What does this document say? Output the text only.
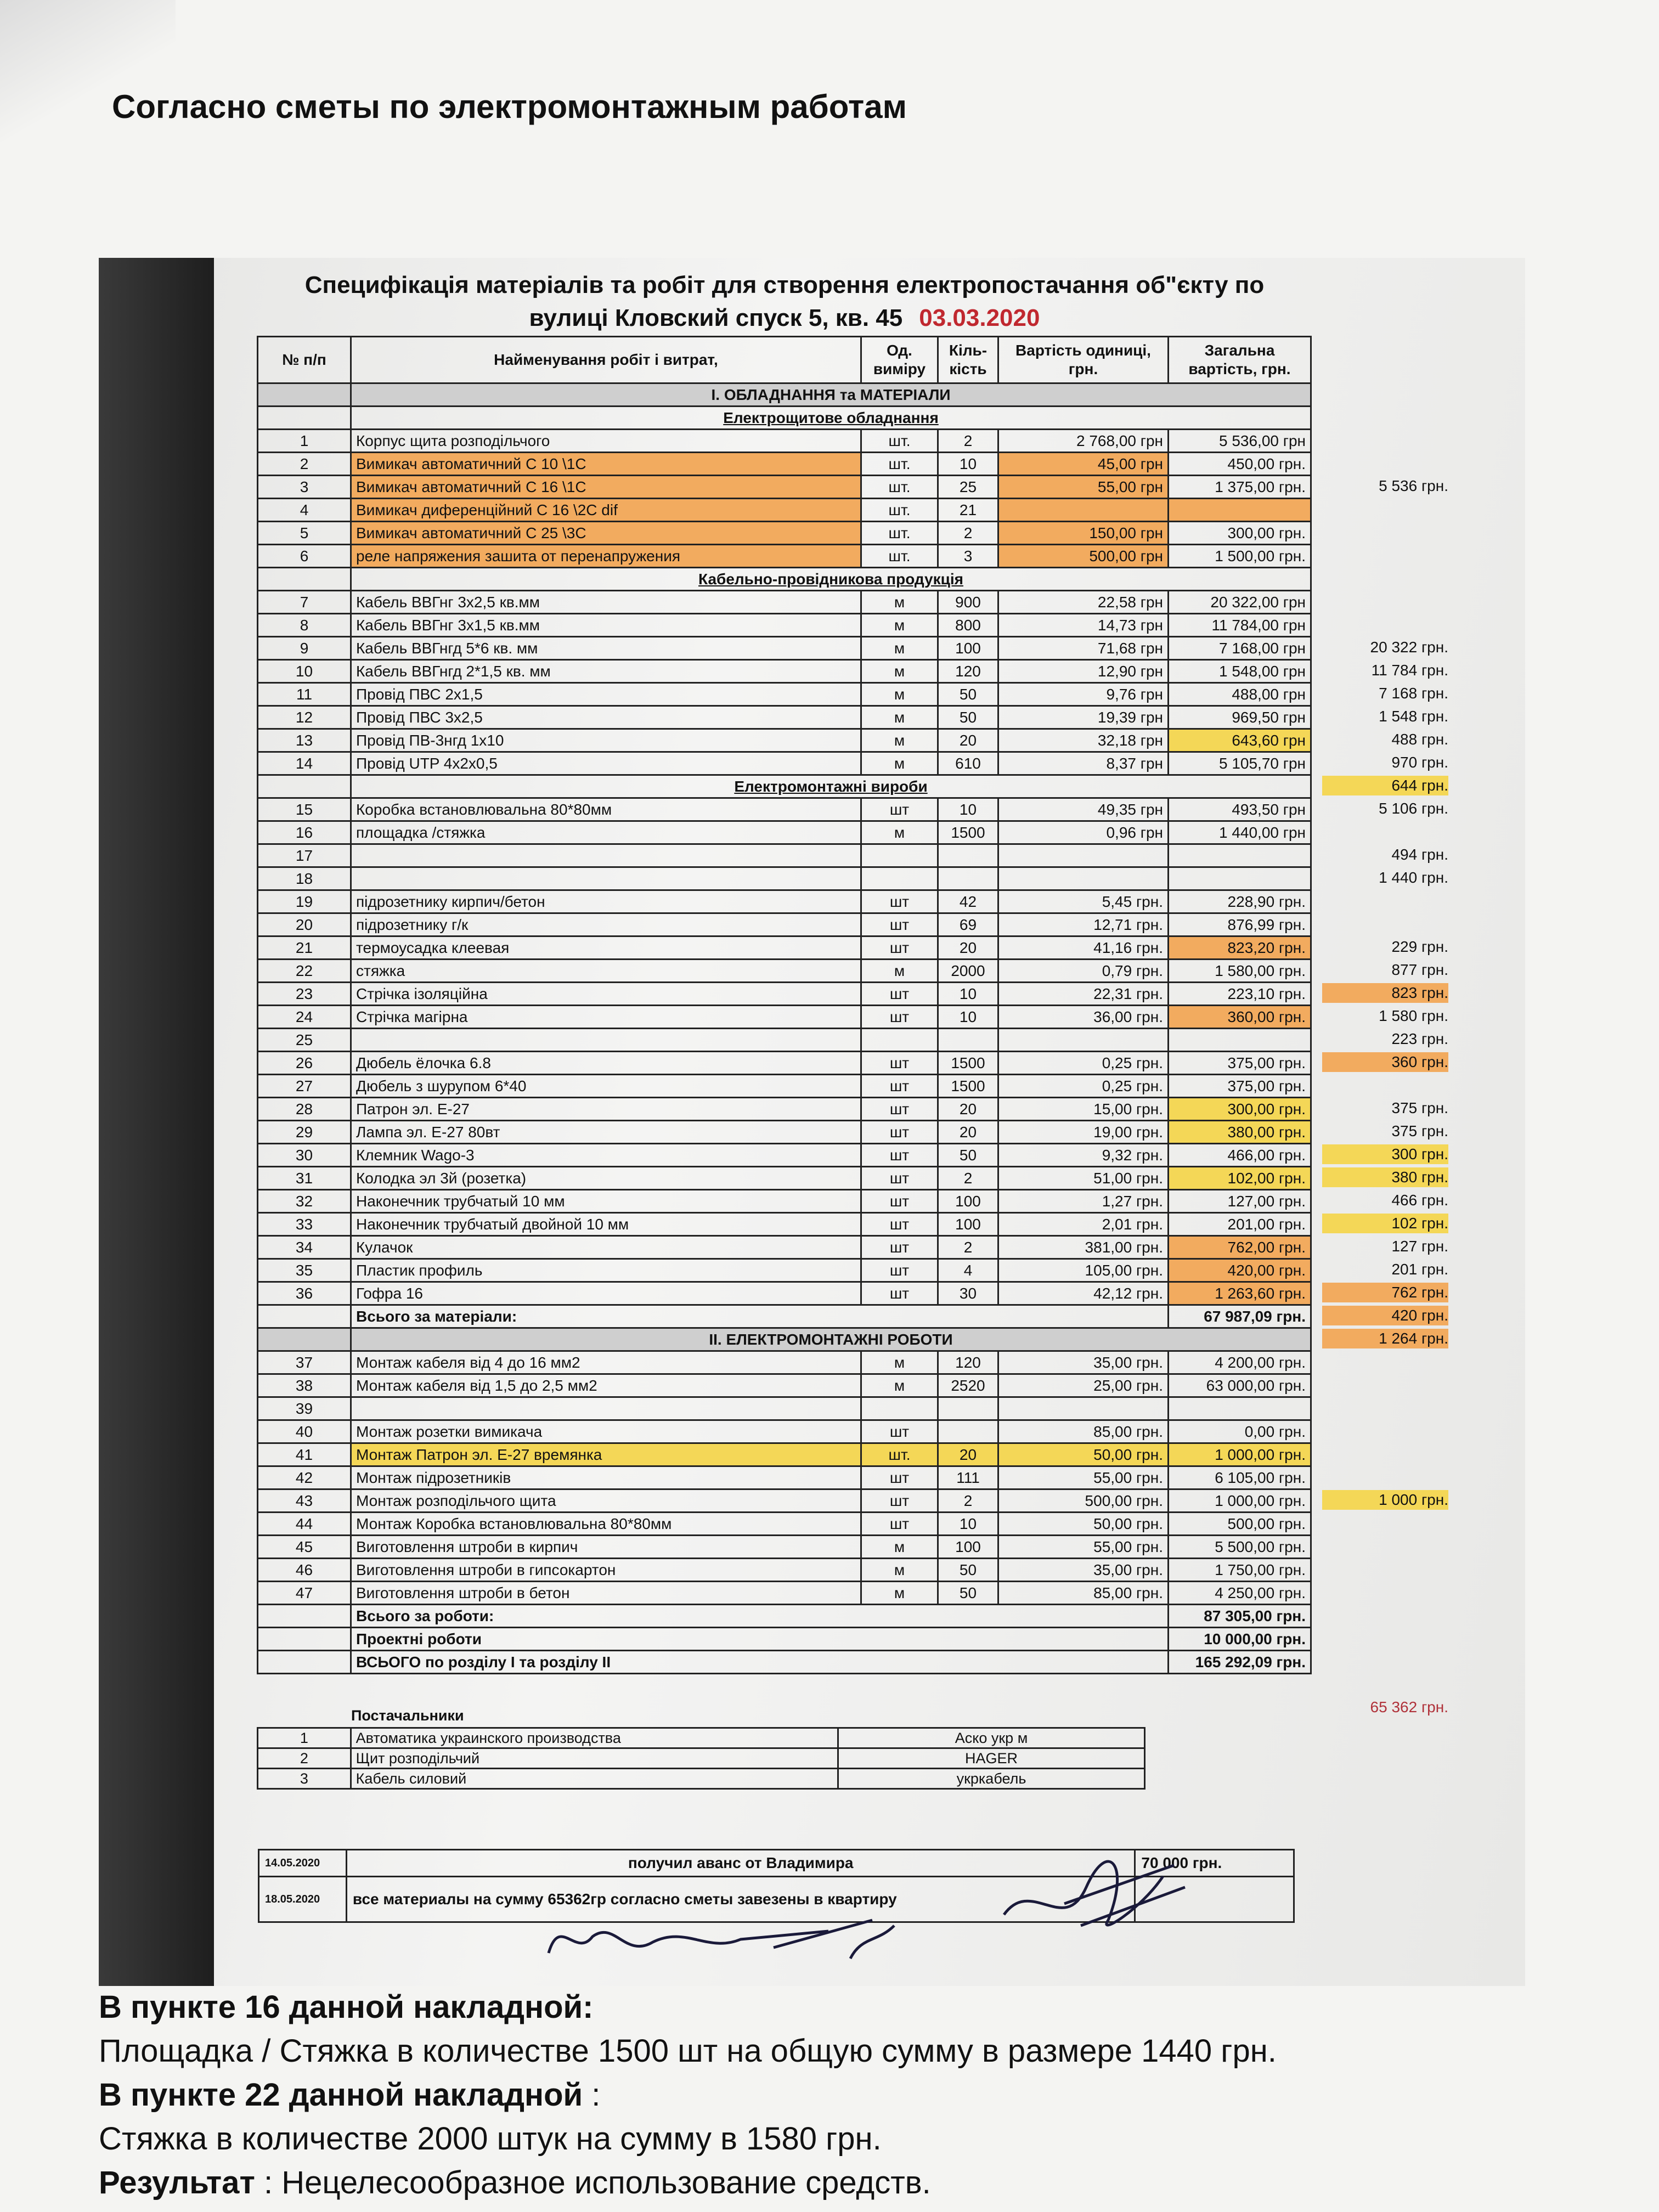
Согласно сметы по электромонтажным работам
Специфікація матеріалів та робіт для створення електропостачання об"єкту по
вулиці Кловский спуск 5, кв. 45 03.03.2020
№ п/п	Найменування робіт і витрат,	Од. виміру	Кіль-кість	Вартість одиниці, грн.	Загальна вартість, грн.
	І. ОБЛАДНАННЯ та МАТЕРІАЛИ				
	Електрощитове обладнання				
1	Корпус щита розподільчого	шт.	2	2 768,00 грн	5 536,00 грн
2	Вимикач автоматичний С 10 \1С	шт.	10	45,00 грн	450,00 грн.
3	Вимикач автоматичний С 16 \1С	шт.	25	55,00 грн	1 375,00 грн.
4	Вимикач диференційний С 16 \2С dif	шт.	21		
5	Вимикач автоматичний С 25 \3С	шт.	2	150,00 грн	300,00 грн.
6	реле напряжения зашита от перенапружения	шт.	3	500,00 грн	1 500,00 грн.
	Кабельно-провідникова продукція				
7	Кабель ВВГнг 3х2,5 кв.мм	м	900	22,58 грн	20 322,00 грн
8	Кабель ВВГнг 3х1,5 кв.мм	м	800	14,73 грн	11 784,00 грн
9	Кабель ВВГнгд 5*6 кв. мм	м	100	71,68 грн	7 168,00 грн
10	Кабель ВВГнгд 2*1,5 кв. мм	м	120	12,90 грн	1 548,00 грн
11	Провід ПВС 2х1,5	м	50	9,76 грн	488,00 грн
12	Провід ПВС 3х2,5	м	50	19,39 грн	969,50 грн
13	Провід ПВ-3нгд 1х10	м	20	32,18 грн	643,60 грн
14	Провід UTP 4х2х0,5	м	610	8,37 грн	5 105,70 грн
	Електромонтажні вироби				
15	Коробка встановлювальна 80*80мм	шт	10	49,35 грн	493,50 грн
16	площадка /стяжка	м	1500	0,96 грн	1 440,00 грн
17					
18					
19	підрозетнику кирпич/бетон	шт	42	5,45 грн.	228,90 грн.
20	підрозетнику г/к	шт	69	12,71 грн.	876,99 грн.
21	термоусадка клеевая	шт	20	41,16 грн.	823,20 грн.
22	стяжка	м	2000	0,79 грн.	1 580,00 грн.
23	Стрічка ізоляційна	шт	10	22,31 грн.	223,10 грн.
24	Стрічка магірна	шт	10	36,00 грн.	360,00 грн.
25					
26	Дюбель ёлочка 6.8	шт	1500	0,25 грн.	375,00 грн.
27	Дюбель з шурупом 6*40	шт	1500	0,25 грн.	375,00 грн.
28	Патрон эл. Е-27	шт	20	15,00 грн.	300,00 грн.
29	Лампа эл. Е-27 80вт	шт	20	19,00 грн.	380,00 грн.
30	Клемник Wago-3	шт	50	9,32 грн.	466,00 грн.
31	Колодка эл 3й (розетка)	шт	2	51,00 грн.	102,00 грн.
32	Наконечник трубчатый 10 мм	шт	100	1,27 грн.	127,00 грн.
33	Наконечник трубчатый двойной 10 мм	шт	100	2,01 грн.	201,00 грн.
34	Кулачок	шт	2	381,00 грн.	762,00 грн.
35	Пластик профиль	шт	4	105,00 грн.	420,00 грн.
36	Гофра 16	шт	30	42,12 грн.	1 263,60 грн.
	Всього за матеріали:				67 987,09 грн.
	ІІ. ЕЛЕКТРОМОНТАЖНІ РОБОТИ				
37	Монтаж кабеля від 4 до 16 мм2	м	120	35,00 грн.	4 200,00 грн.
38	Монтаж кабеля від 1,5 до 2,5 мм2	м	2520	25,00 грн.	63 000,00 грн.
39					
40	Монтаж розетки вимикача	шт		85,00 грн.	0,00 грн.
41	Монтаж Патрон эл. Е-27 времянка	шт.	20	50,00 грн.	1 000,00 грн.
42	Монтаж підрозетників	шт	111	55,00 грн.	6 105,00 грн.
43	Монтаж розподільчого щита	шт	2	500,00 грн.	1 000,00 грн.
44	Монтаж Коробка встановлювальна 80*80мм	шт	10	50,00 грн.	500,00 грн.
45	Виготовлення штроби в кирпич	м	100	55,00 грн.	5 500,00 грн.
46	Виготовлення штроби в гипсокартон	м	50	35,00 грн.	1 750,00 грн.
47	Виготовлення штроби в бетон	м	50	85,00 грн.	4 250,00 грн.
	Всього за роботи:				87 305,00 грн.
	Проектні роботи				10 000,00 грн.
	ВСЬОГО по розділу І та розділу ІІ				165 292,09 грн.
5 536 грн.
20 322 грн.
11 784 грн.
7 168 грн.
1 548 грн.
488 грн.
970 грн.
644 грн.
5 106 грн.
494 грн.
1 440 грн.
229 грн.
877 грн.
823 грн.
1 580 грн.
223 грн.
360 грн.
375 грн.
375 грн.
300 грн.
380 грн.
466 грн.
102 грн.
127 грн.
201 грн.
762 грн.
420 грн.
1 264 грн.
1 000 грн.
65 362 грн.
Постачальники
1	Автоматика украинского производства	Аско укр м
2	Щит розподільчий	HAGER
3	Кабель силовий	укркабель
14.05.2020	получил аванс от Владимира	70 000 грн.
18.05.2020	все материалы на сумму 65362гр согласно сметы завезены в квартиру	
В пункте 16 данной накладной:
Площадка / Стяжка в количестве 1500 шт на общую сумму в размере 1440 грн.
В пункте 22 данной накладной :
Стяжка в количестве 2000 штук на сумму в 1580 грн.
Результат : Нецелесообразное использование средств.
